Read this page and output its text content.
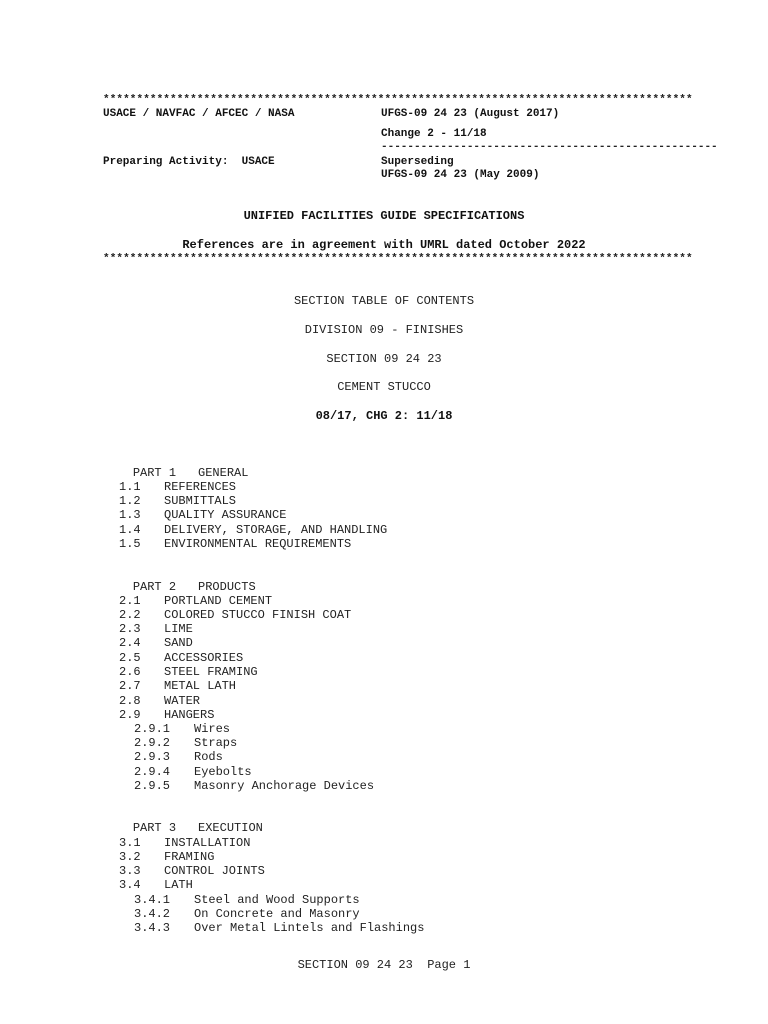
****************************************************************************************
USACE / NAVFAC / AFCEC / NASA	UFGS-09 24 23 (August 2017)
Change 2 - 11/18
---------------------------------------------------
Preparing Activity:  USACE	Superseding
UFGS-09 24 23 (May 2009)
UNIFIED FACILITIES GUIDE SPECIFICATIONS
References are in agreement with UMRL dated October 2022
****************************************************************************************
SECTION TABLE OF CONTENTS
DIVISION 09 - FINISHES
SECTION 09 24 23
CEMENT STUCCO
08/17, CHG 2: 11/18

PART 1 GENERAL

1.1 REFERENCES
1.2 SUBMITTALS
1.3 QUALITY ASSURANCE
1.4 DELIVERY, STORAGE, AND HANDLING
1.5 ENVIRONMENTAL REQUIREMENTS

PART 2 PRODUCTS

2.1 PORTLAND CEMENT
2.2 COLORED STUCCO FINISH COAT
2.3 LIME
2.4 SAND
2.5 ACCESSORIES
2.6 STEEL FRAMING
2.7 METAL LATH
2.8 WATER
2.9 HANGERS
2.9.1 Wires
2.9.2 Straps
2.9.3 Rods
2.9.4 Eyebolts
2.9.5 Masonry Anchorage Devices

PART 3 EXECUTION

3.1 INSTALLATION
3.2 FRAMING
3.3 CONTROL JOINTS
3.4 LATH
3.4.1 Steel and Wood Supports
3.4.2 On Concrete and Masonry
3.4.3 Over Metal Lintels and Flashings
SECTION 09 24 23  Page 1
